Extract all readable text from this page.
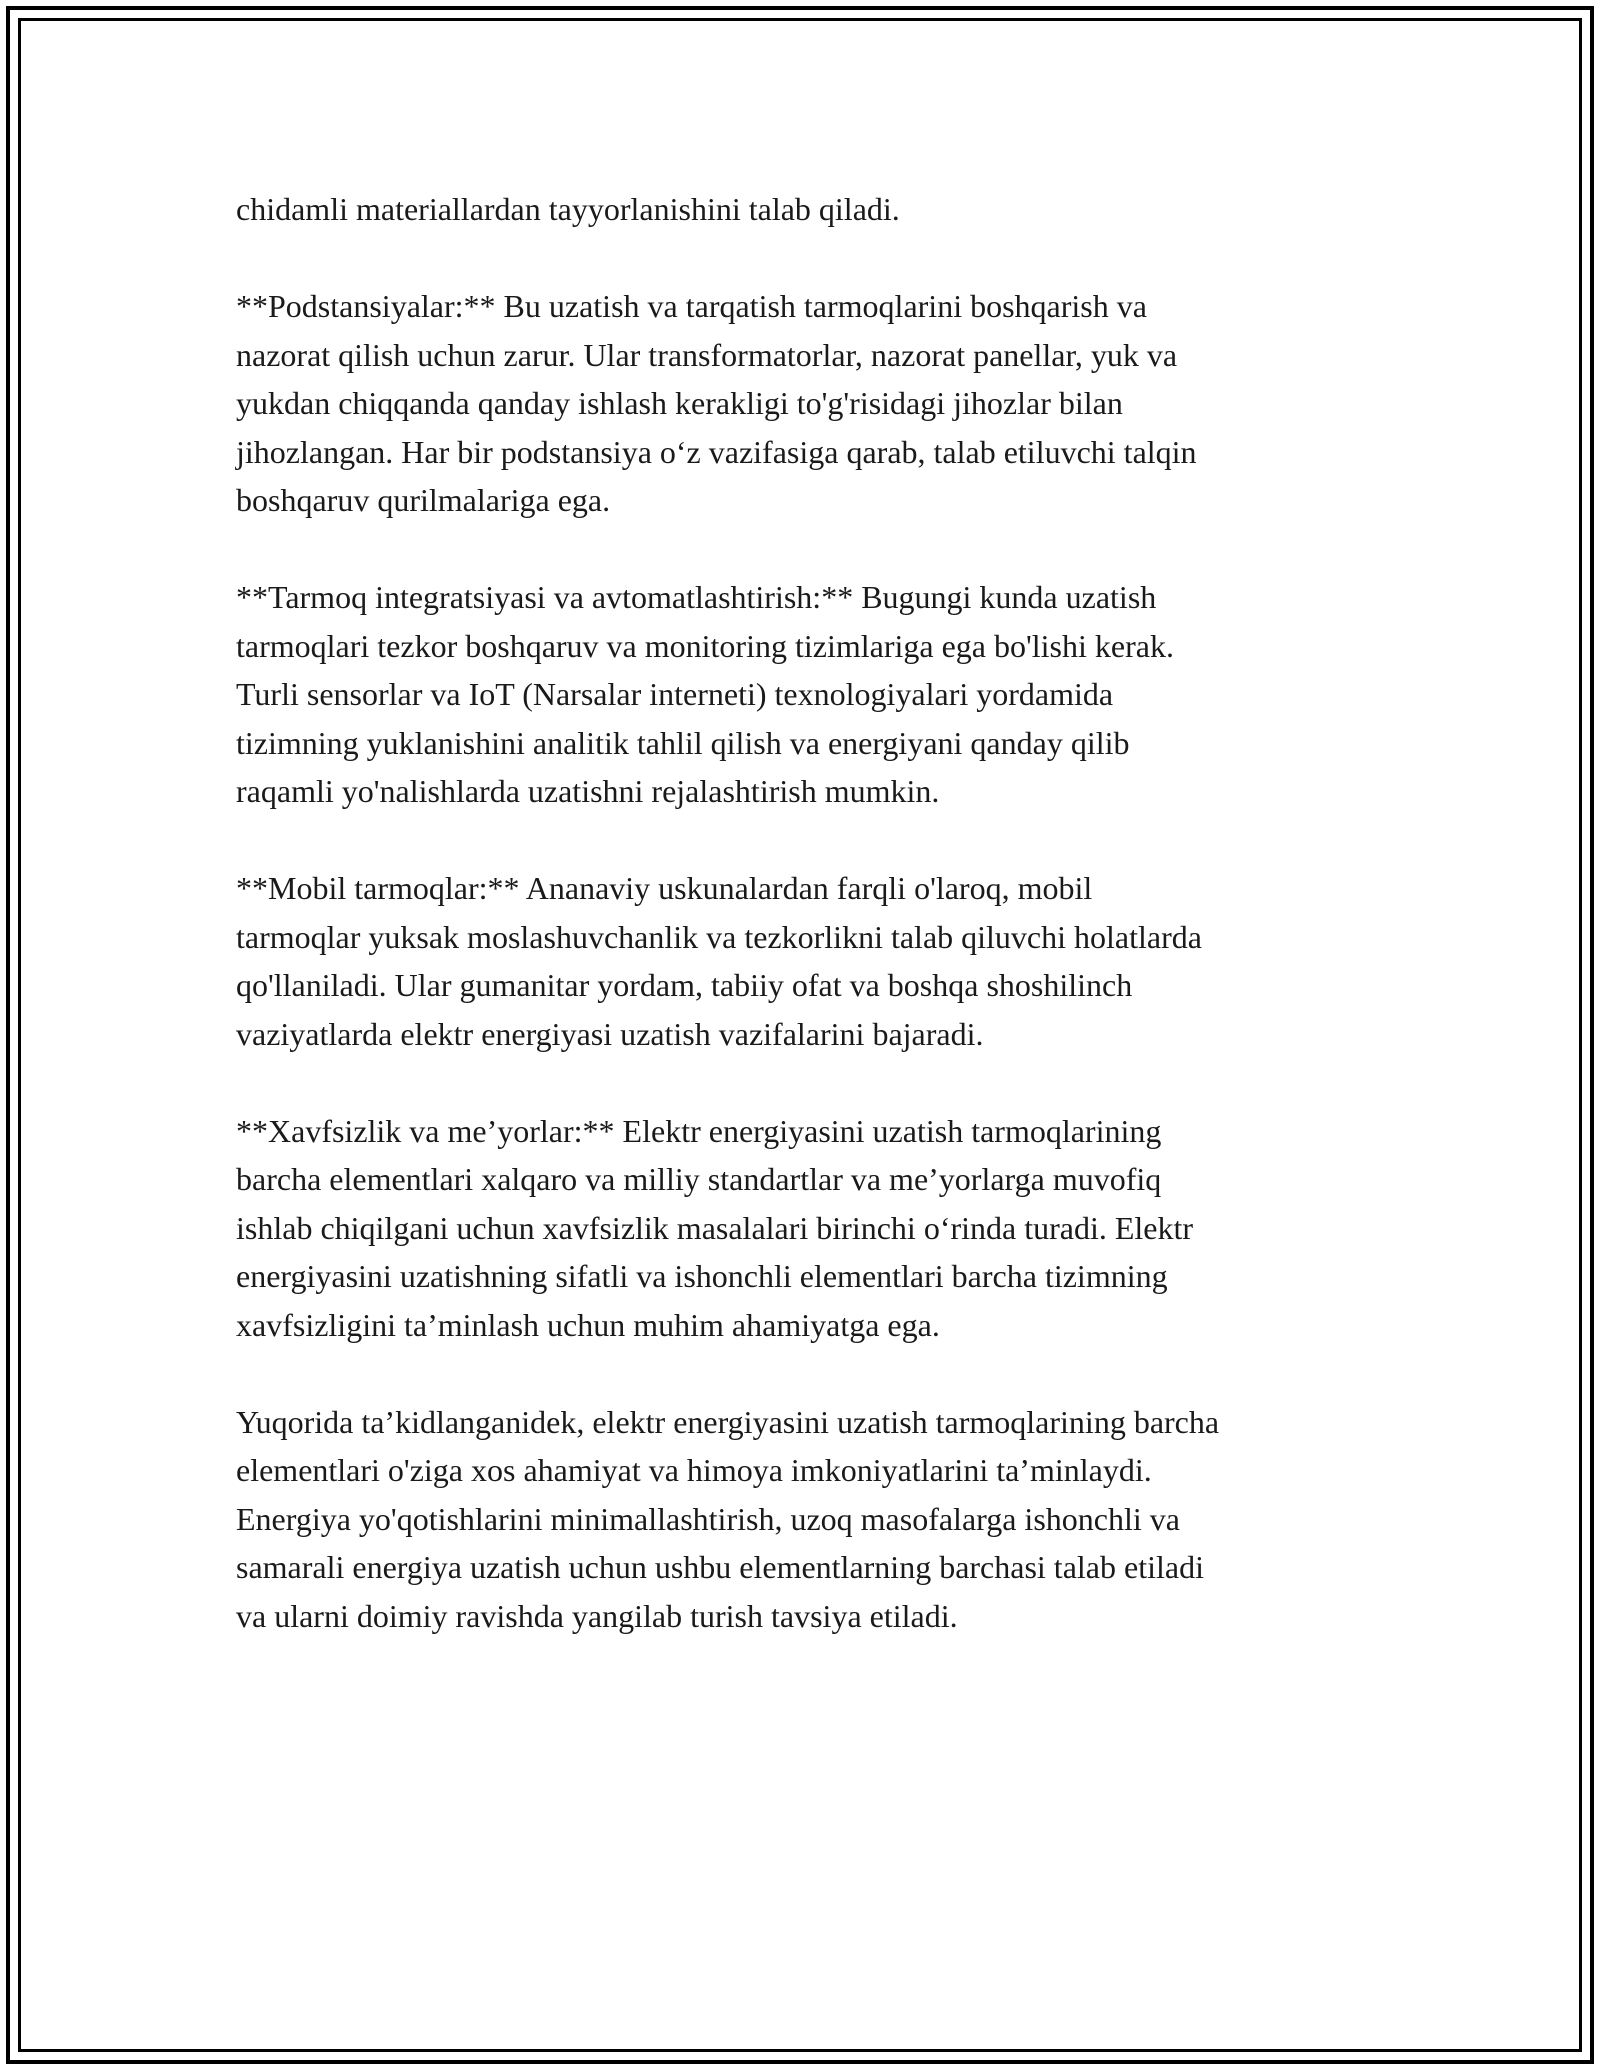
chidamli materiallardan tayyorlanishini talab qiladi.

**Podstansiyalar:** Bu uzatish va tarqatish tarmoqlarini boshqarish va
nazorat qilish uchun zarur. Ular transformatorlar, nazorat panellar, yuk va
yukdan chiqqanda qanday ishlash kerakligi to'g'risidagi jihozlar bilan
jihozlangan. Har bir podstansiya o‘z vazifasiga qarab, talab etiluvchi talqin
boshqaruv qurilmalariga ega.

**Tarmoq integratsiyasi va avtomatlashtirish:** Bugungi kunda uzatish
tarmoqlari tezkor boshqaruv va monitoring tizimlariga ega bo'lishi kerak.
Turli sensorlar va IoT (Narsalar interneti) texnologiyalari yordamida
tizimning yuklanishini analitik tahlil qilish va energiyani qanday qilib
raqamli yo'nalishlarda uzatishni rejalashtirish mumkin.

**Mobil tarmoqlar:** Ananaviy uskunalardan farqli o'laroq, mobil
tarmoqlar yuksak moslashuvchanlik va tezkorlikni talab qiluvchi holatlarda
qo'llaniladi. Ular gumanitar yordam, tabiiy ofat va boshqa shoshilinch
vaziyatlarda elektr energiyasi uzatish vazifalarini bajaradi.

**Xavfsizlik va me’yorlar:** Elektr energiyasini uzatish tarmoqlarining
barcha elementlari xalqaro va milliy standartlar va me’yorlarga muvofiq
ishlab chiqilgani uchun xavfsizlik masalalari birinchi o‘rinda turadi. Elektr
energiyasini uzatishning sifatli va ishonchli elementlari barcha tizimning
xavfsizligini ta’minlash uchun muhim ahamiyatga ega.

Yuqorida ta’kidlanganidek, elektr energiyasini uzatish tarmoqlarining barcha
elementlari o'ziga xos ahamiyat va himoya imkoniyatlarini ta’minlaydi.
Energiya yo'qotishlarini minimallashtirish, uzoq masofalarga ishonchli va
samarali energiya uzatish uchun ushbu elementlarning barchasi talab etiladi
va ularni doimiy ravishda yangilab turish tavsiya etiladi.
